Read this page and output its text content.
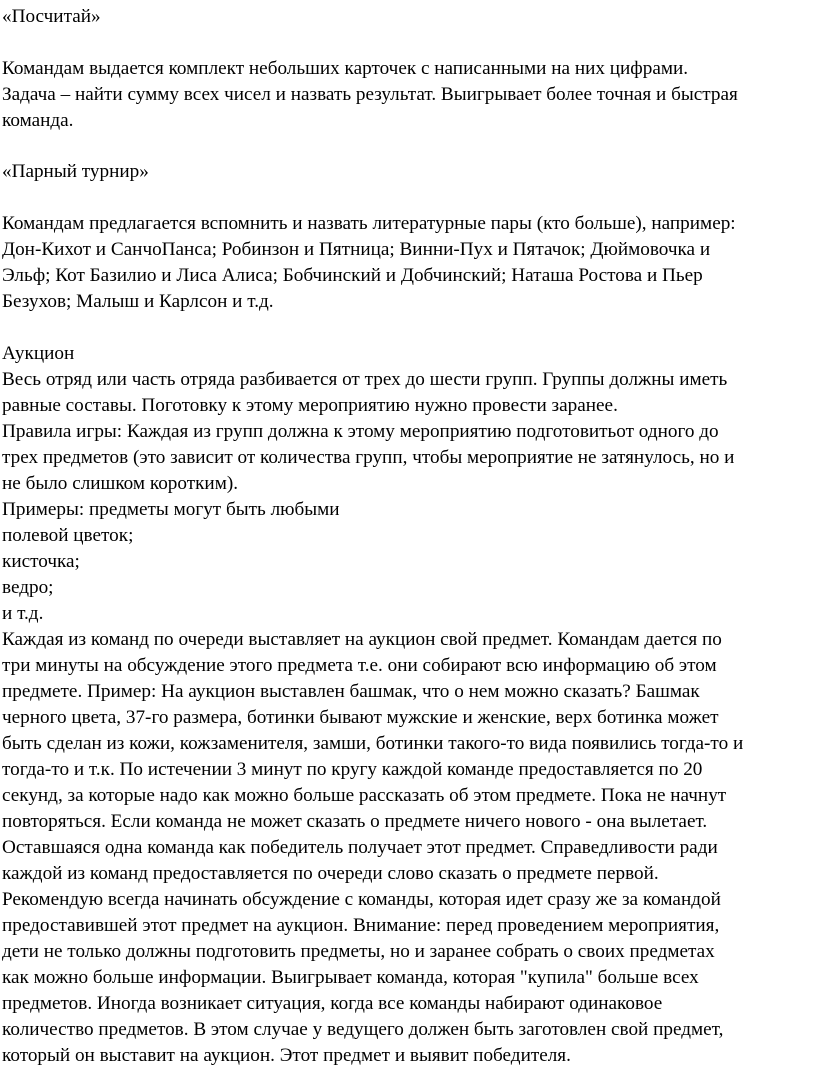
«Посчитай»

Командам выдается комплект небольших карточек с написанными на них цифрами.

Задача – найти сумму всех чисел и назвать результат. Выигрывает более точная и быстрая

команда.

«Парный турнир»

Командам предлагается вспомнить и назвать литературные пары (кто больше), например:

Дон-Кихот и СанчоПанса; Робинзон и Пятница; Винни-Пух и Пятачок; Дюймовочка и

Эльф; Кот Базилио и Лиса Алиса; Бобчинский и Добчинский; Наташа Ростова и Пьер

Безухов; Малыш и Карлсон и т.д.

Аукцион

Весь отряд или часть отряда разбивается от трех до шести групп. Группы должны иметь

равные составы. Поготовку к этому мероприятию нужно провести заранее.

Правила игры: Каждая из групп должна к этому мероприятию подготовитьот одного до

трех предметов (это зависит от количества групп, чтобы мероприятие не затянулось, но и

не было слишком коротким).

Примеры: предметы могут быть любыми

полевой цветок;

кисточка;

ведро;

и т.д.

Каждая из команд по очереди выставляет на аукцион свой предмет. Командам дается по

три минуты на обсуждение этого предмета т.е. они собирают всю информацию об этом

предмете. Пример: На аукцион выставлен башмак, что о нем можно сказать? Башмак

черного цвета, 37-го размера, ботинки бывают мужские и женские, верх ботинка может

быть сделан из кожи, кожзаменителя, замши, ботинки такого-то вида появились тогда-то и

тогда-то и т.к. По истечении 3 минут по кругу каждой команде предоставляется по 20

секунд, за которые надо как можно больше рассказать об этом предмете. Пока не начнут

повторяться. Если команда не может сказать о предмете ничего нового - она вылетает.

Оставшаяся одна команда как победитель получает этот предмет. Справедливости ради

каждой из команд предоставляется по очереди слово сказать о предмете первой.

Рекомендую всегда начинать обсуждение с команды, которая идет сразу же за командой

предоставившей этот предмет на аукцион. Внимание: перед проведением мероприятия,

дети не только должны подготовить предметы, но и заранее собрать о своих предметах

как можно больше информации. Выигрывает команда, которая "купила" больше всех

предметов. Иногда возникает ситуация, когда все команды набирают одинаковое

количество предметов. В этом случае у ведущего должен быть заготовлен свой предмет,

который он выставит на аукцион. Этот предмет и выявит победителя.
